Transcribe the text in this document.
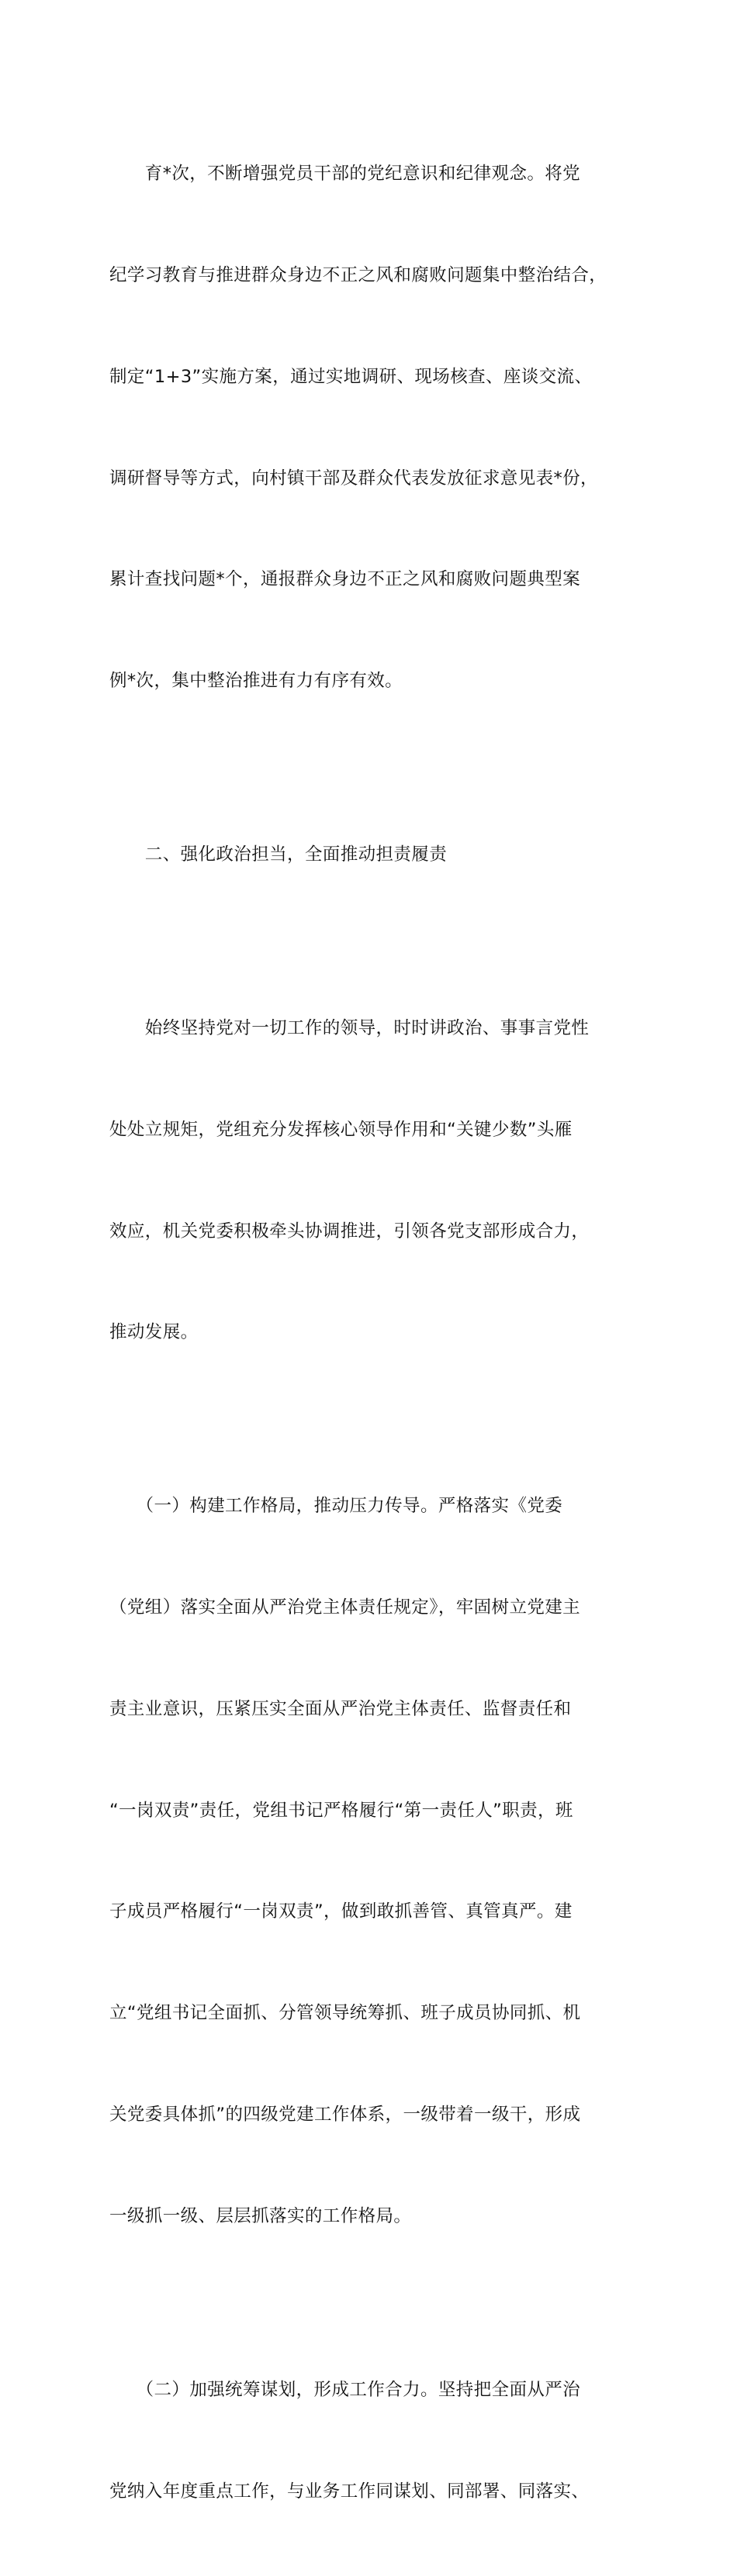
　　育*次，不断增强党员干部的党纪意识和纪律观念。将党

纪学习教育与推进群众身边不正之风和腐败问题集中整治结合，

制定“1+3”实施方案，通过实地调研、现场核查、座谈交流、

调研督导等方式，向村镇干部及群众代表发放征求意见表*份，

累计查找问题*个，通报群众身边不正之风和腐败问题典型案

例*次，集中整治推进有力有序有效。

　　二、强化政治担当，全面推动担责履责

　　始终坚持党对一切工作的领导，时时讲政治、事事言党性

处处立规矩，党组充分发挥核心领导作用和“关键少数”头雁

效应，机关党委积极牵头协调推进，引领各党支部形成合力，

推动发展。

　　（一）构建工作格局，推动压力传导。严格落实《党委

（党组）落实全面从严治党主体责任规定》，牢固树立党建主

责主业意识，压紧压实全面从严治党主体责任、监督责任和

“一岗双责”责任，党组书记严格履行“第一责任人”职责，班

子成员严格履行“一岗双责”，做到敢抓善管、真管真严。建

立“党组书记全面抓、分管领导统筹抓、班子成员协同抓、机

关党委具体抓”的四级党建工作体系，一级带着一级干，形成

一级抓一级、层层抓落实的工作格局。

　　（二）加强统筹谋划，形成工作合力。坚持把全面从严治

党纳入年度重点工作，与业务工作同谋划、同部署、同落实、
